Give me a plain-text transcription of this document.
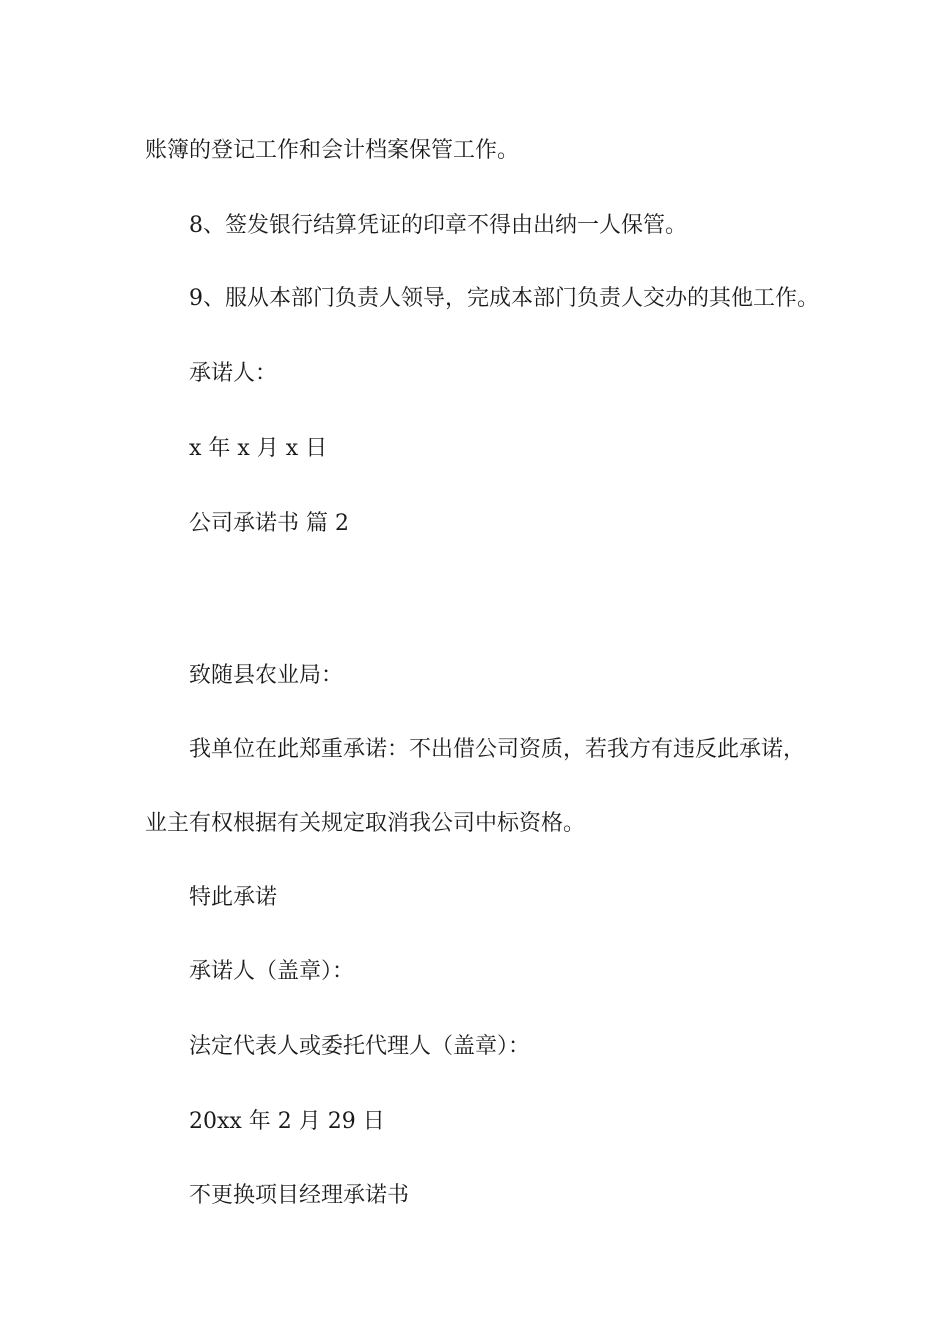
账簿的登记工作和会计档案保管工作。

8、签发银行结算凭证的印章不得由出纳一人保管。

9、服从本部门负责人领导，完成本部门负责人交办的其他工作。

承诺人：

x 年 x 月 x 日

公司承诺书 篇 2

致随县农业局：

我单位在此郑重承诺：不出借公司资质，若我方有违反此承诺，

业主有权根据有关规定取消我公司中标资格。

特此承诺

承诺人（盖章）：

法定代表人或委托代理人（盖章）：

20xx 年 2 月 29 日

不更换项目经理承诺书
